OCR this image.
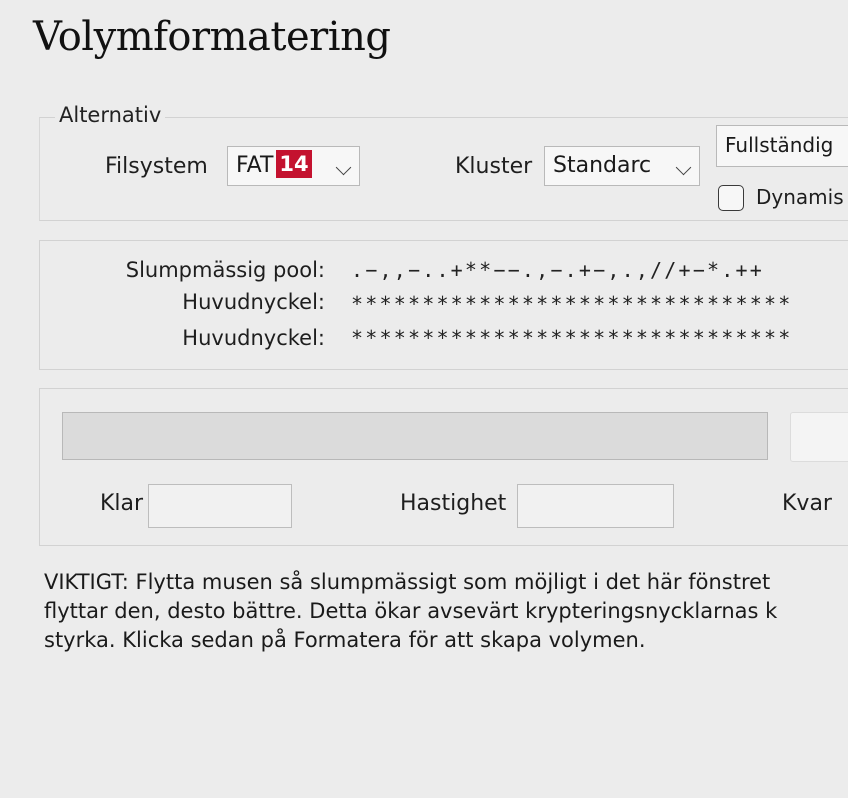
Volymformatering
Alternativ
Filsystem	FAT 14	Kluster Standarc
Fullständig
Dynamis
Slumpmässig pool: .−,,−..+**−−.,−.+−,.,//+−*.++
Huvudnyckel: *******************************
Huvudnyckel: *******************************
Klar	Hastighet	Kvar
VIKTIGT: Flytta musen så slumpmässigt som möjligt i det här fönstret
flyttar den, desto bättre. Detta ökar avsevärt krypteringsnycklarnas k
styrka. Klicka sedan på Formatera för att skapa volymen.
